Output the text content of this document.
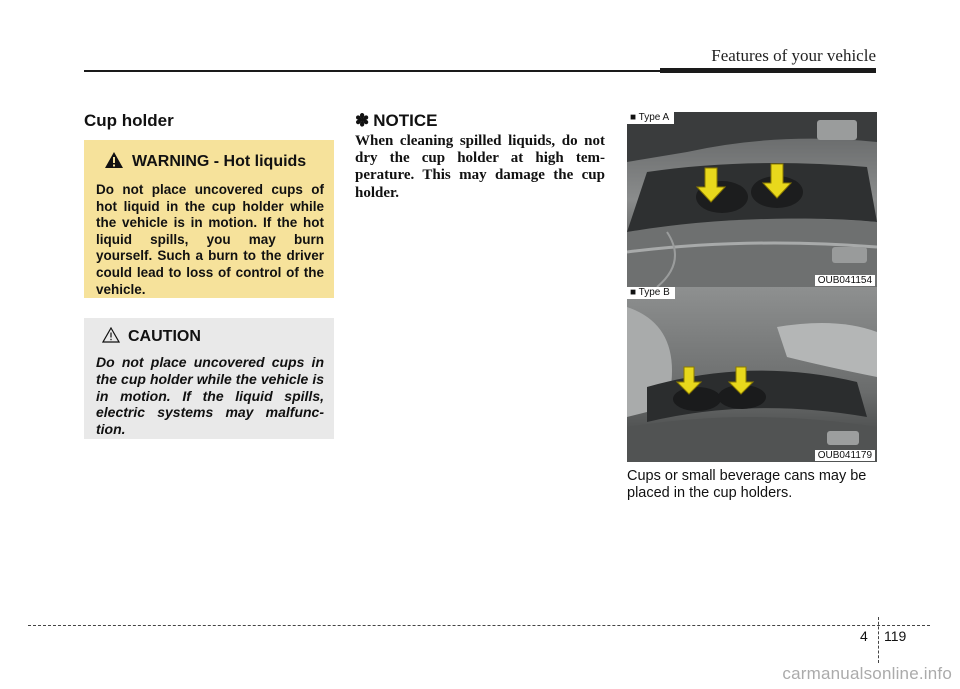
Features of your vehicle
Cup holder
WARNING - Hot liquids
Do not place uncovered cups of hot liquid in the cup holder while the vehicle is in motion. If the hot liquid spills, you may burn yourself. Such a burn to the driver could lead to loss of control of the vehicle.
CAUTION
Do not place uncovered cups in the cup holder while the vehicle is in motion. If the liquid spills, electric systems may malfunc-tion.
✽ NOTICE
When cleaning spilled liquids, do not dry the cup holder at high tem-perature. This may damage the cup holder.
■ Type A
OUB041154
■ Type B
OUB041179
Cups or small beverage cans may be placed in the cup holders.
4 119
carmanualsonline.info
